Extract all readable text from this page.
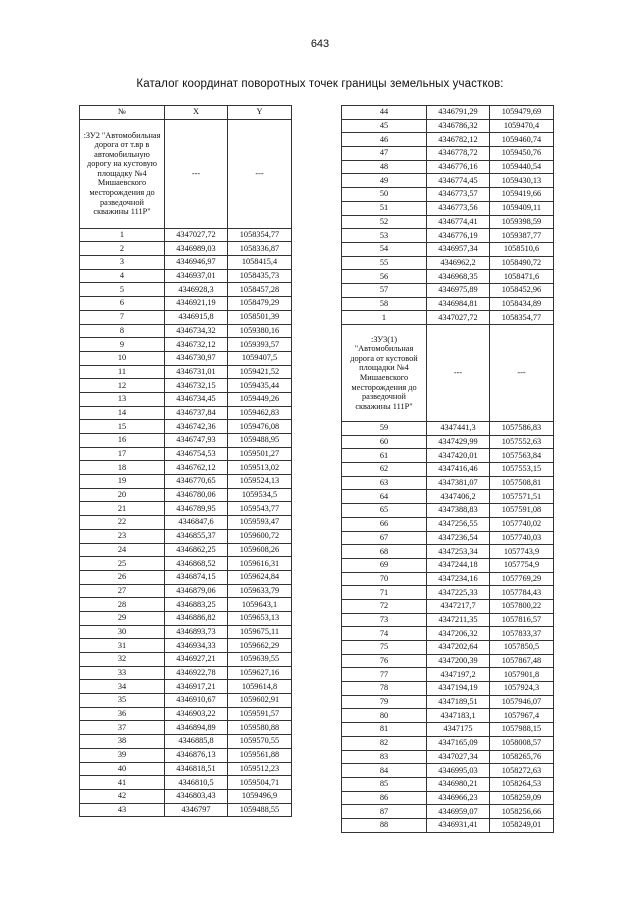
643
Каталог координат поворотных точек границы земельных участков:
№	X	Y
:ЗУ2 "Автомобильная дорога от т.вр в автомобильную дорогу на кустовую площадку №4 Мишаевского месторождения до разведочной скважины 111Р"	---	---
1	4347027,72	1058354,77
2	4346989,03	1058336,87
3	4346946,97	1058415,4
4	4346937,01	1058435,73
5	4346928,3	1058457,28
6	4346921,19	1058479,29
7	4346915,8	1058501,39
8	4346734,32	1059380,16
9	4346732,12	1059393,57
10	4346730,97	1059407,5
11	4346731,01	1059421,52
12	4346732,15	1059435,44
13	4346734,45	1059449,26
14	4346737,84	1059462,83
15	4346742,36	1059476,08
16	4346747,93	1059488,95
17	4346754,53	1059501,27
18	4346762,12	1059513,02
19	4346770,65	1059524,13
20	4346780,06	1059534,5
21	4346789,95	1059543,77
22	4346847,6	1059593,47
23	4346855,37	1059600,72
24	4346862,25	1059608,26
25	4346868,52	1059616,31
26	4346874,15	1059624,84
27	4346879,06	1059633,79
28	4346883,25	1059643,1
29	4346886,82	1059653,13
30	4346893,73	1059675,11
31	4346934,33	1059662,29
32	4346927,21	1059639,55
33	4346922,78	1059627,16
34	4346917,21	1059614,8
35	4346910,67	1059602,91
36	4346903,22	1059591,57
37	4346894,89	1059580,88
38	4346885,8	1059570,55
39	4346876,13	1059561,88
40	4346818,51	1059512,23
41	4346810,5	1059504,71
42	4346803,43	1059496,9
43	4346797	1059488,55
44	4346791,29	1059479,69
45	4346786,32	1059470,4
46	4346782,12	1059460,74
47	4346778,72	1059450,76
48	4346776,16	1059440,54
49	4346774,45	1059430,13
50	4346773,57	1059419,66
51	4346773,56	1059409,11
52	4346774,41	1059398,59
53	4346776,19	1059387,77
54	4346957,34	1058510,6
55	4346962,2	1058490,72
56	4346968,35	1058471,6
57	4346975,89	1058452,96
58	4346984,81	1058434,89
1	4347027,72	1058354,77
:ЗУ3(1) "Автомобильная дорога от кустовой площадки №4 Мишаевского месторождения до разведочной скважины 111Р"	---	---
59	4347441,3	1057586,83
60	4347429,99	1057552,63
61	4347420,01	1057563,84
62	4347416,46	1057553,15
63	4347381,07	1057508,81
64	4347406,2	1057571,51
65	4347388,83	1057591,08
66	4347256,55	1057740,02
67	4347236,54	1057740,03
68	4347253,34	1057743,9
69	4347244,18	1057754,9
70	4347234,16	1057769,29
71	4347225,33	1057784,43
72	4347217,7	1057800,22
73	4347211,35	1057816,57
74	4347206,32	1057833,37
75	4347202,64	1057850,5
76	4347200,39	1057867,48
77	4347197,2	1057901,8
78	4347194,19	1057924,3
79	4347189,51	1057946,07
80	4347183,1	1057967,4
81	4347175	1057988,15
82	4347165,09	1058008,57
83	4347027,34	1058265,76
84	4346995,03	1058272,63
85	4346980,21	1058264,53
86	4346966,23	1058259,09
87	4346959,07	1058256,66
88	4346931,41	1058249,01
